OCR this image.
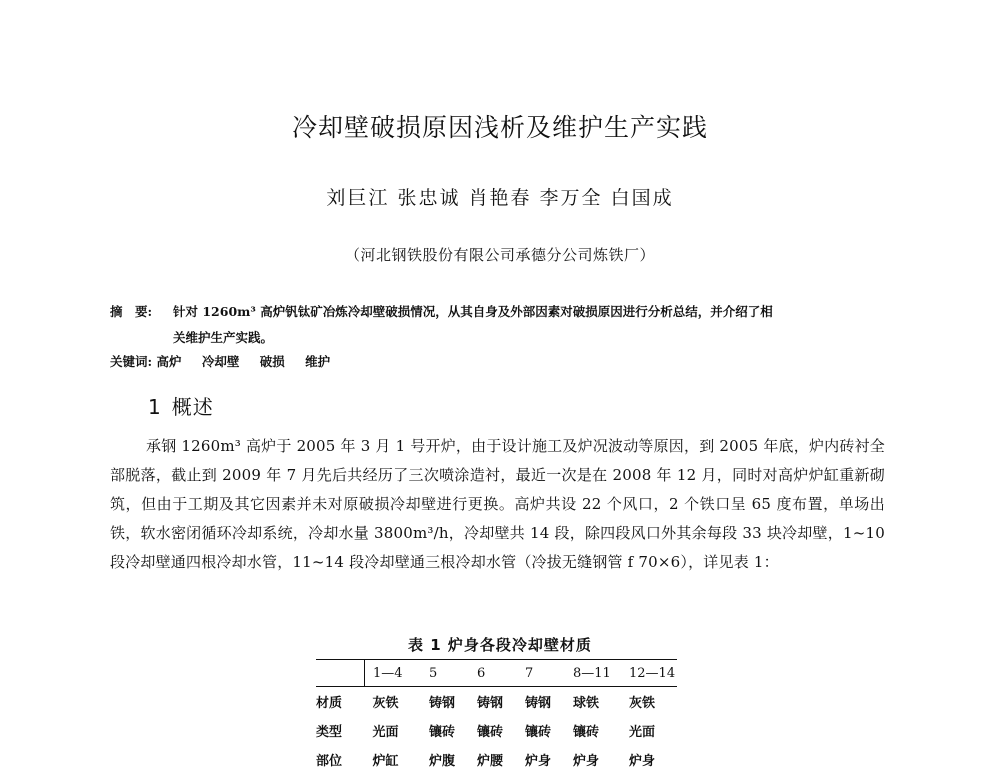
冷却壁破损原因浅析及维护生产实践
刘巨江 张忠诚 肖艳春 李万全 白国成
（河北钢铁股份有限公司承德分公司炼铁厂）
摘　要:	针对 1260m³ 高炉钒钛矿冶炼冷却壁破损情况，从其自身及外部因素对破损原因进行分析总结，并介绍了相
关维护生产实践。
关键词: 高炉 冷却壁 破损 维护
1 概述
承钢 1260m³ 高炉于 2005 年 3 月 1 号开炉，由于设计施工及炉况波动等原因，到 2005 年底，炉内砖衬全部脱落，截止到 2009 年 7 月先后共经历了三次喷涂造衬，最近一次是在 2008 年 12 月，同时对高炉炉缸重新砌筑，但由于工期及其它因素并未对原破损冷却壁进行更换。高炉共设 22 个风口，2 个铁口呈 65 度布置，单场出铁，软水密闭循环冷却系统，冷却水量 3800m³/h，冷却壁共 14 段，除四段风口外其余每段 33 块冷却壁，1~10 段冷却壁通四根冷却水管，11~14 段冷却壁通三根冷却水管（冷拔无缝钢管 f 70×6），详见表 1：
表 1 炉身各段冷却壁材质
	1—4	5	6	7	8—11	12—14
材质	灰铁	铸钢	铸钢	铸钢	球铁	灰铁
类型	光面	镶砖	镶砖	镶砖	镶砖	光面
部位	炉缸	炉腹	炉腰	炉身	炉身	炉身
